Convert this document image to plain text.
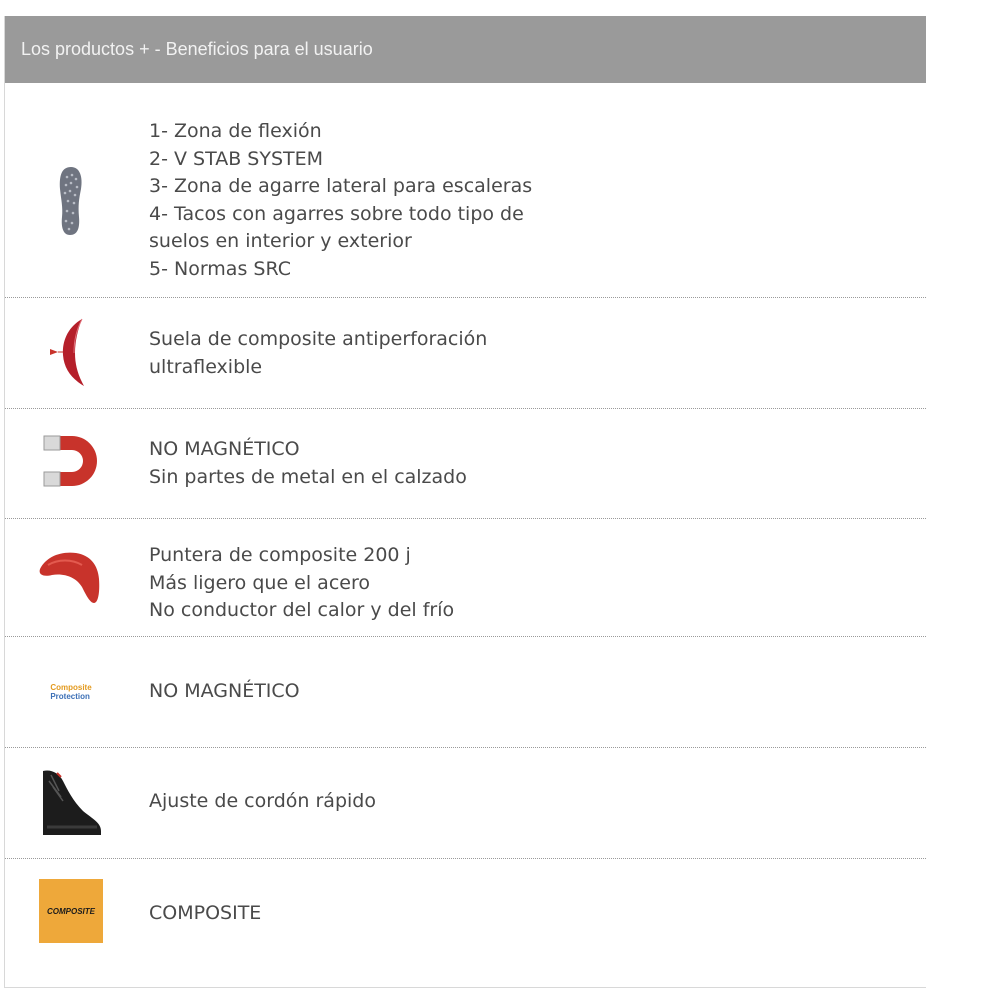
Los productos + - Beneficios para el usuario
1- Zona de flexión
2- V STAB SYSTEM
3- Zona de agarre lateral para escaleras
4- Tacos con agarres sobre todo tipo de
suelos en interior y exterior
5- Normas SRC
Suela de composite antiperforación
ultraflexible
NO MAGNÉTICO
Sin partes de metal en el calzado
Puntera de composite 200 j
Más ligero que el acero
No conductor del calor y del frío
Composite
Protection	NO MAGNÉTICO
Ajuste de cordón rápido
COMPOSITE	COMPOSITE
